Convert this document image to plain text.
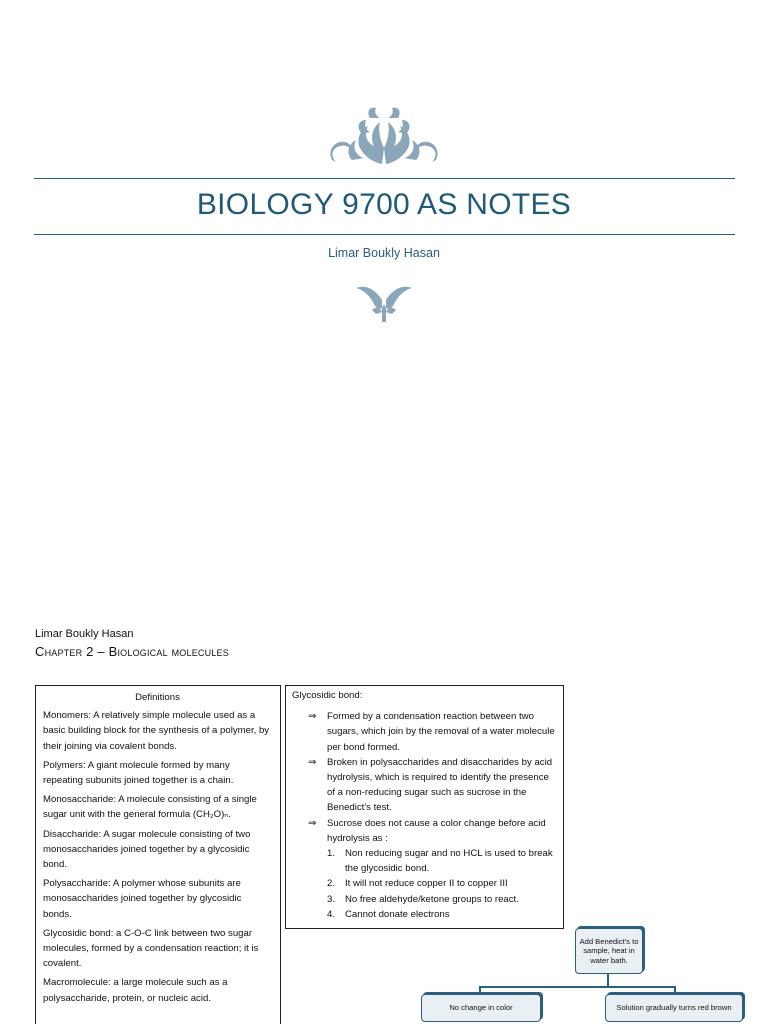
BIOLOGY 9700 AS NOTES
Limar Boukly Hasan
Limar Boukly Hasan
Chapter 2 – Biological molecules
Definitions
Monomers: A relatively simple molecule used as a basic building block for the synthesis of a polymer, by their joining via covalent bonds.
Polymers: A giant molecule formed by many repeating subunits joined together is a chain.
Monosaccharide: A molecule consisting of a single sugar unit with the general formula (CH₂O)ₙ.
Disaccharide: A sugar molecule consisting of two monosaccharides joined together by a glycosidic bond.
Polysaccharide: A polymer whose subunits are monosaccharides joined together by glycosidic bonds.
Glycosidic bond: a C-O-C link between two sugar molecules, formed by a condensation reaction; it is covalent.
Macromolecule: a large molecule such as a polysaccharide, protein, or nucleic acid.
Glycosidic bond:
⇒ Formed by a condensation reaction between two sugars, which join by the removal of a water molecule per bond formed.
⇒ Broken in polysaccharides and disaccharides by acid hydrolysis, which is required to identify the presence of a non-reducing sugar such as sucrose in the Benedict's test.
⇒ Sucrose does not cause a color change before acid hydrolysis as :
1. Non reducing sugar and no HCL is used to break the glycosidic bond.
2. It will not reduce copper II to copper III
3. No free aldehyde/ketone groups to react.
4. Cannot donate electrons
Add Benedict's to sample, heat in water bath.
No change in color	Solution gradually turns red brown
